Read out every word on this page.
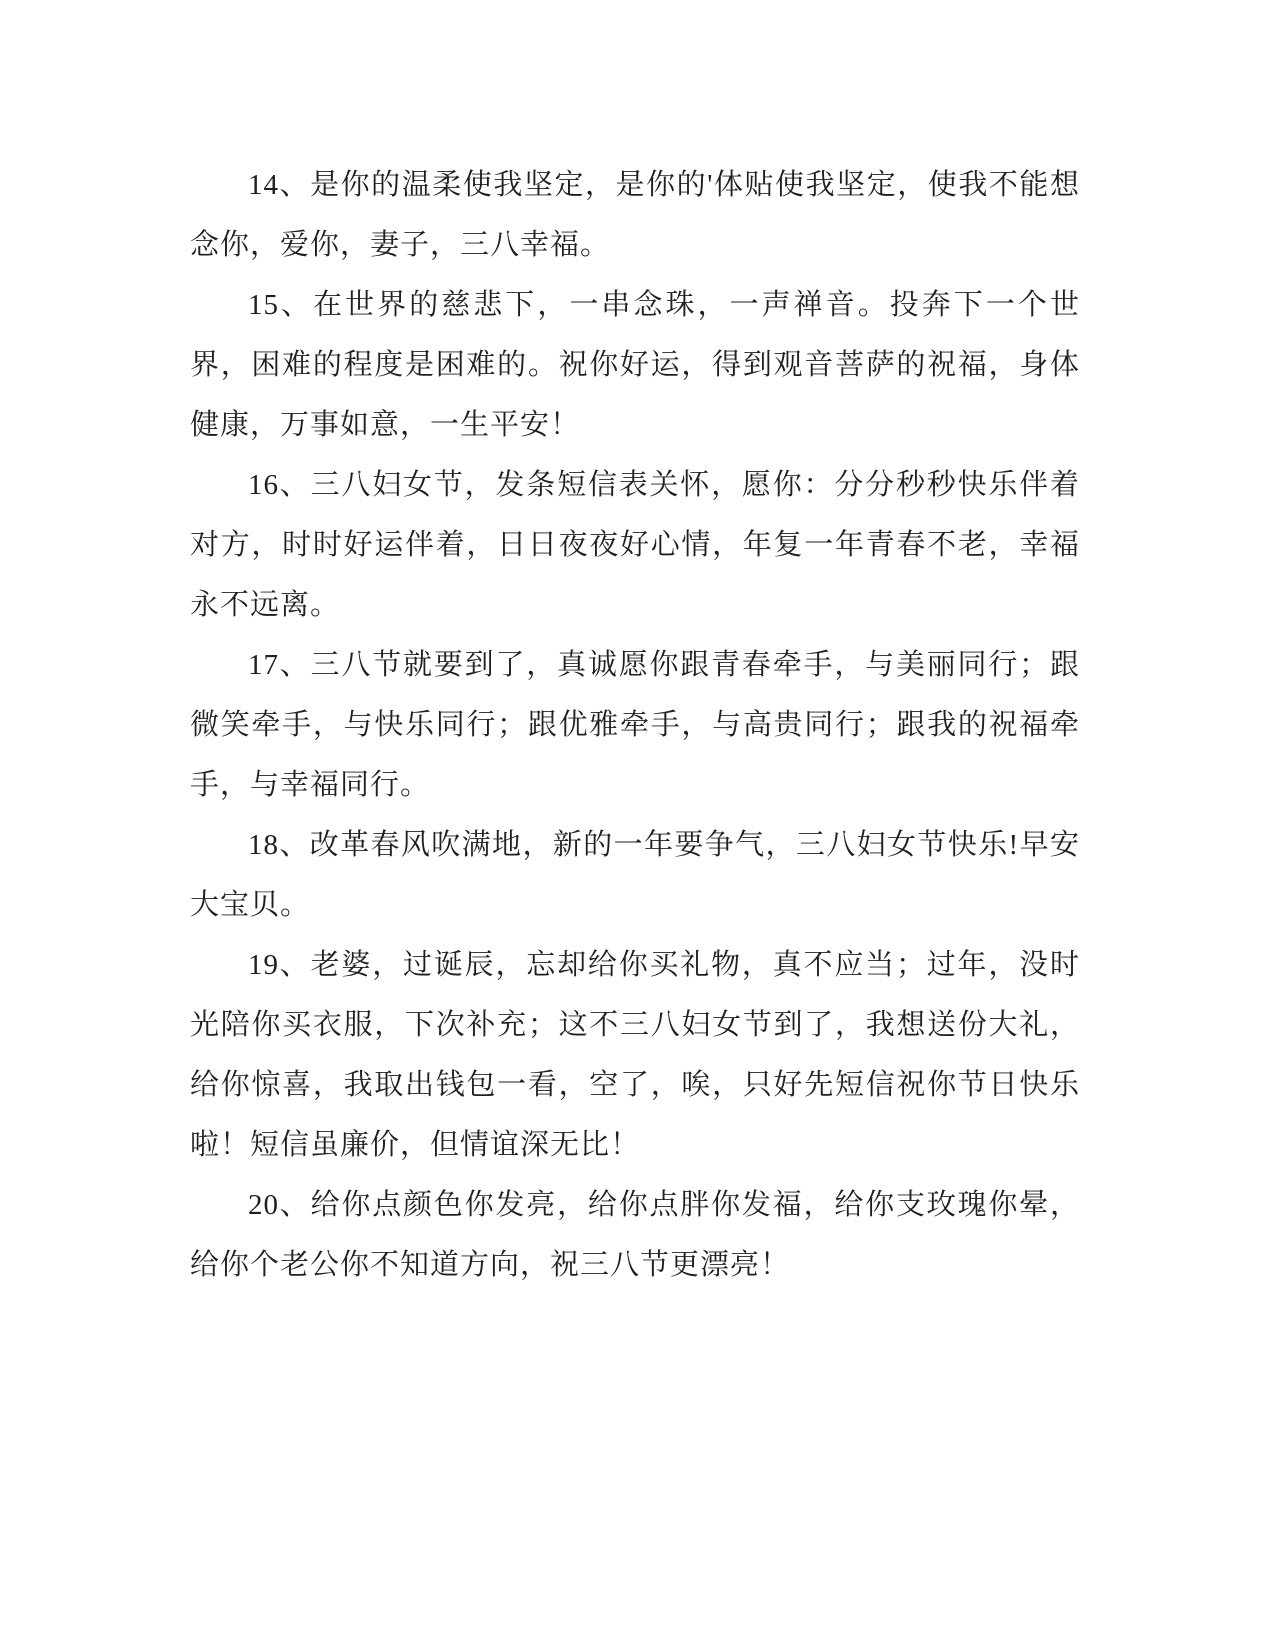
14、是你的温柔使我坚定，是你的'体贴使我坚定，使我不能想念你，爱你，妻子，三八幸福。

15、在世界的慈悲下，一串念珠，一声禅音。投奔下一个世界，困难的程度是困难的。祝你好运，得到观音菩萨的祝福，身体健康，万事如意，一生平安！

16、三八妇女节，发条短信表关怀，愿你：分分秒秒快乐伴着对方，时时好运伴着，日日夜夜好心情，年复一年青春不老，幸福永不远离。

17、三八节就要到了，真诚愿你跟青春牵手，与美丽同行；跟微笑牵手，与快乐同行；跟优雅牵手，与高贵同行；跟我的祝福牵手，与幸福同行。

18、改革春风吹满地，新的一年要争气，三八妇女节快乐!早安大宝贝。

19、老婆，过诞辰，忘却给你买礼物，真不应当；过年，没时光陪你买衣服，下次补充；这不三八妇女节到了，我想送份大礼，给你惊喜，我取出钱包一看，空了，唉，只好先短信祝你节日快乐啦！短信虽廉价，但情谊深无比！

20、给你点颜色你发亮，给你点胖你发福，给你支玫瑰你晕，给你个老公你不知道方向，祝三八节更漂亮！
